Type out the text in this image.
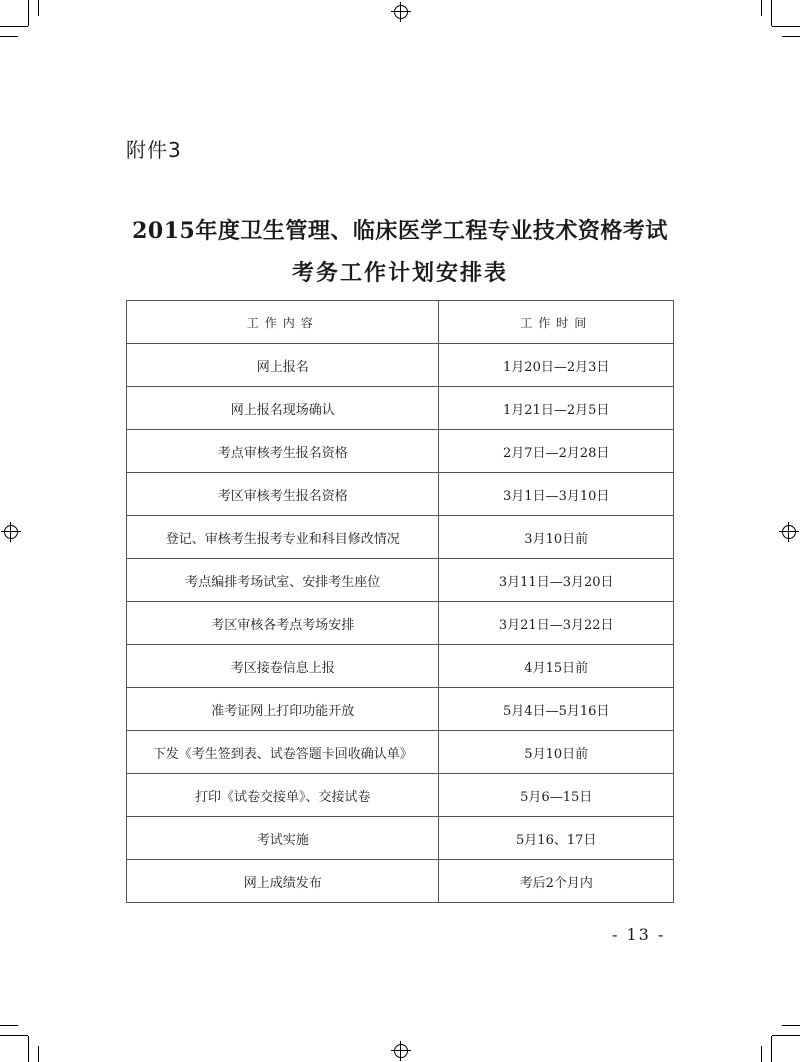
附件3
2015年度卫生管理、临床医学工程专业技术资格考试
考务工作计划安排表
工作内容	工作时间
网上报名	1月20日—2月3日
网上报名现场确认	1月21日—2月5日
考点审核考生报名资格	2月7日—2月28日
考区审核考生报名资格	3月1日—3月10日
登记、审核考生报考专业和科目修改情况	3月10日前
考点编排考场试室、安排考生座位	3月11日—3月20日
考区审核各考点考场安排	3月21日—3月22日
考区接卷信息上报	4月15日前
准考证网上打印功能开放	5月4日—5月16日
下发《考生签到表、试卷答题卡回收确认单》	5月10日前
打印《试卷交接单》、交接试卷	5月6—15日
考试实施	5月16、17日
网上成绩发布	考后2个月内
- 13 -
